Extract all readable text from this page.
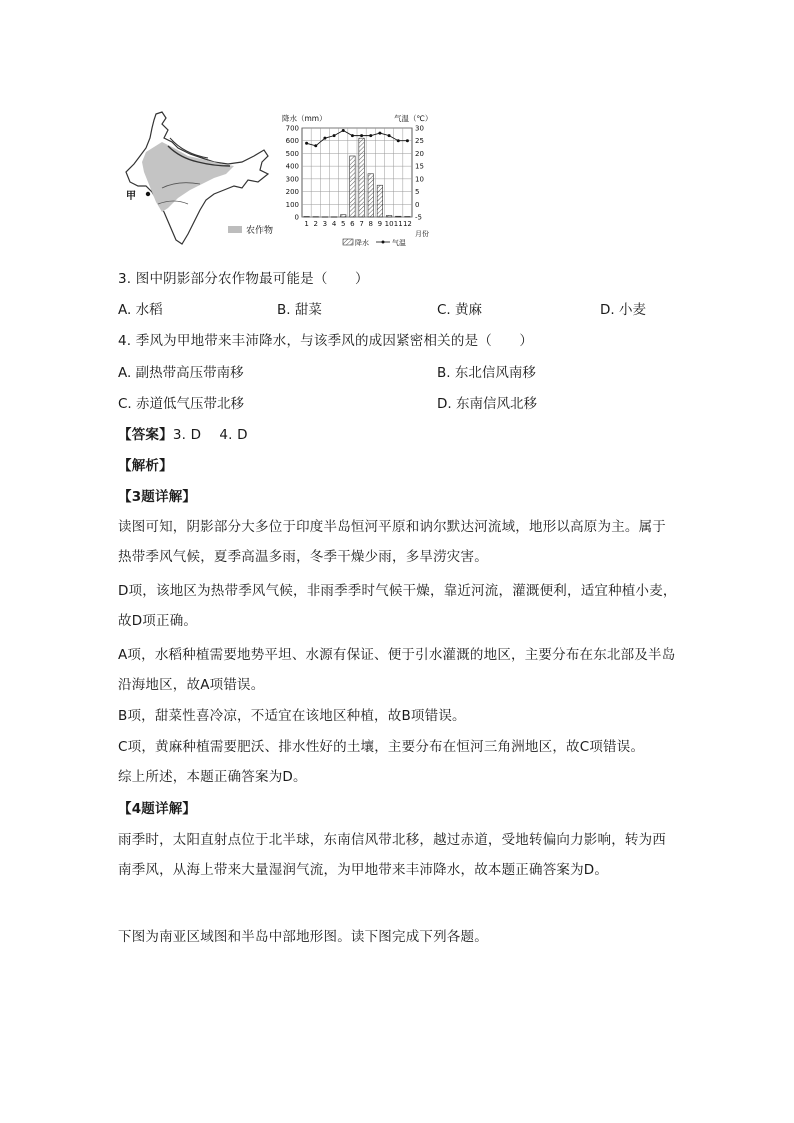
甲
农作物
降水（mm）	气温（℃）
700
600
500
400
300
200
100
0
30
25
20
15
10
5
0
-5
1 2 3 4 5 6 7 8 9 10 11 12
月份
降水	气温
3. 图中阴影部分农作物最可能是（　　）
A. 水稻	B. 甜菜	C. 黄麻	D. 小麦
4. 季风为甲地带来丰沛降水，与该季风的成因紧密相关的是（　　）
A. 副热带高压带南移	B. 东北信风南移
C. 赤道低气压带北移	D. 东南信风北移
【答案】3. D　 4. D
【解析】
【3题详解】
读图可知，阴影部分大多位于印度半岛恒河平原和讷尔默达河流域，地形以高原为主。属于
热带季风气候，夏季高温多雨，冬季干燥少雨，多旱涝灾害。
D项，该地区为热带季风气候，非雨季季时气候干燥，靠近河流，灌溉便利，适宜种植小麦，
故D项正确。
A项，水稻种植需要地势平坦、水源有保证、便于引水灌溉的地区，主要分布在东北部及半岛
沿海地区，故A项错误。
B项，甜菜性喜冷凉，不适宜在该地区种植，故B项错误。
C项，黄麻种植需要肥沃、排水性好的土壤，主要分布在恒河三角洲地区，故C项错误。
综上所述，本题正确答案为D。
【4题详解】
雨季时，太阳直射点位于北半球，东南信风带北移，越过赤道，受地转偏向力影响，转为西
南季风，从海上带来大量湿润气流，为甲地带来丰沛降水，故本题正确答案为D。
下图为南亚区域图和半岛中部地形图。读下图完成下列各题。
